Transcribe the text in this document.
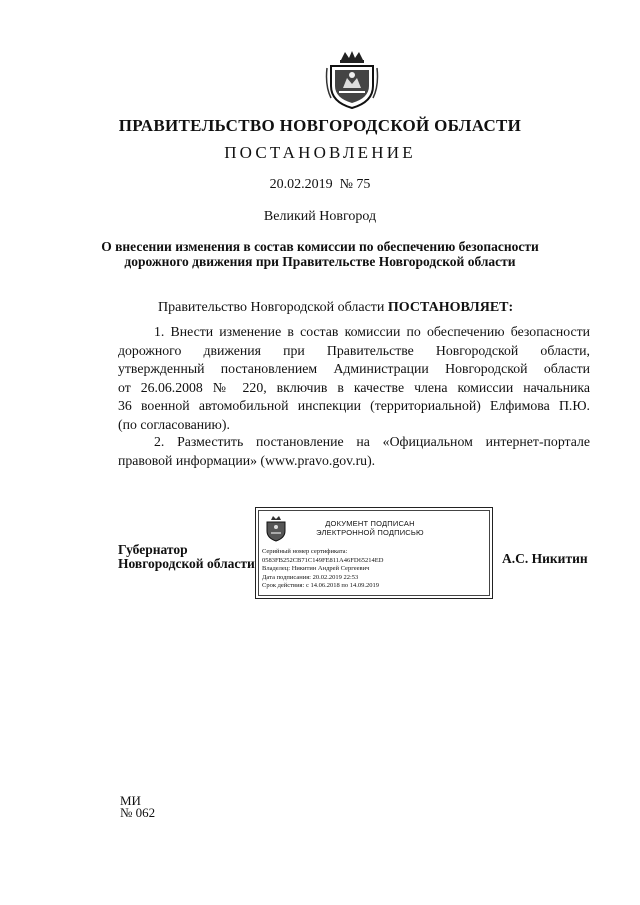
ПРАВИТЕЛЬСТВО НОВГОРОДСКОЙ ОБЛАСТИ
ПОСТАНОВЛЕНИЕ
20.02.2019 № 75
Великий Новгород
О внесении изменения в состав комиссии по обеспечению безопасности
дорожного движения при Правительстве Новгородской области
Правительство Новгородской области ПОСТАНОВЛЯЕТ:
1. Внести изменение в состав комиссии по обеспечению безопасности
дорожного движения при Правительстве Новгородской области,
утвержденный постановлением Администрации Новгородской области
от 26.06.2008 № 220, включив в качестве члена комиссии начальника
36 военной автомобильной инспекции (территориальной) Елфимова П.Ю.
(по согласованию).
2. Разместить постановление на «Официальном интернет-портале
правовой информации» (www.pravo.gov.ru).
Губернатор
Новгородской области
ДОКУМЕНТ ПОДПИСАН
ЭЛЕКТРОННОЙ ПОДПИСЬЮ
Серийный номер сертификата:
0583FB252CB71C149FE811A46FD65214ED
Владелец: Никитин Андрей Сергеевич
Дата подписания: 20.02.2019 22:53
Срок действия: с 14.06.2018 по 14.09.2019
А.С. Никитин
МИ
№ 062
